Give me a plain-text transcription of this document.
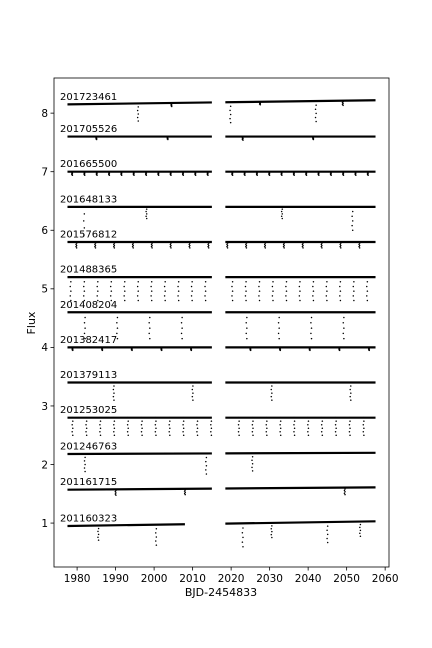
201723461
201705526
201665500
201648133
201576812
201488365
201408204
201382417
201379113
201253025
201246763
201161715
201160323
1980 1990 2000 2010 2020 2030 2040 2050 2060
1
2
3
4
5
6
7
8
BJD-2454833
Flux
